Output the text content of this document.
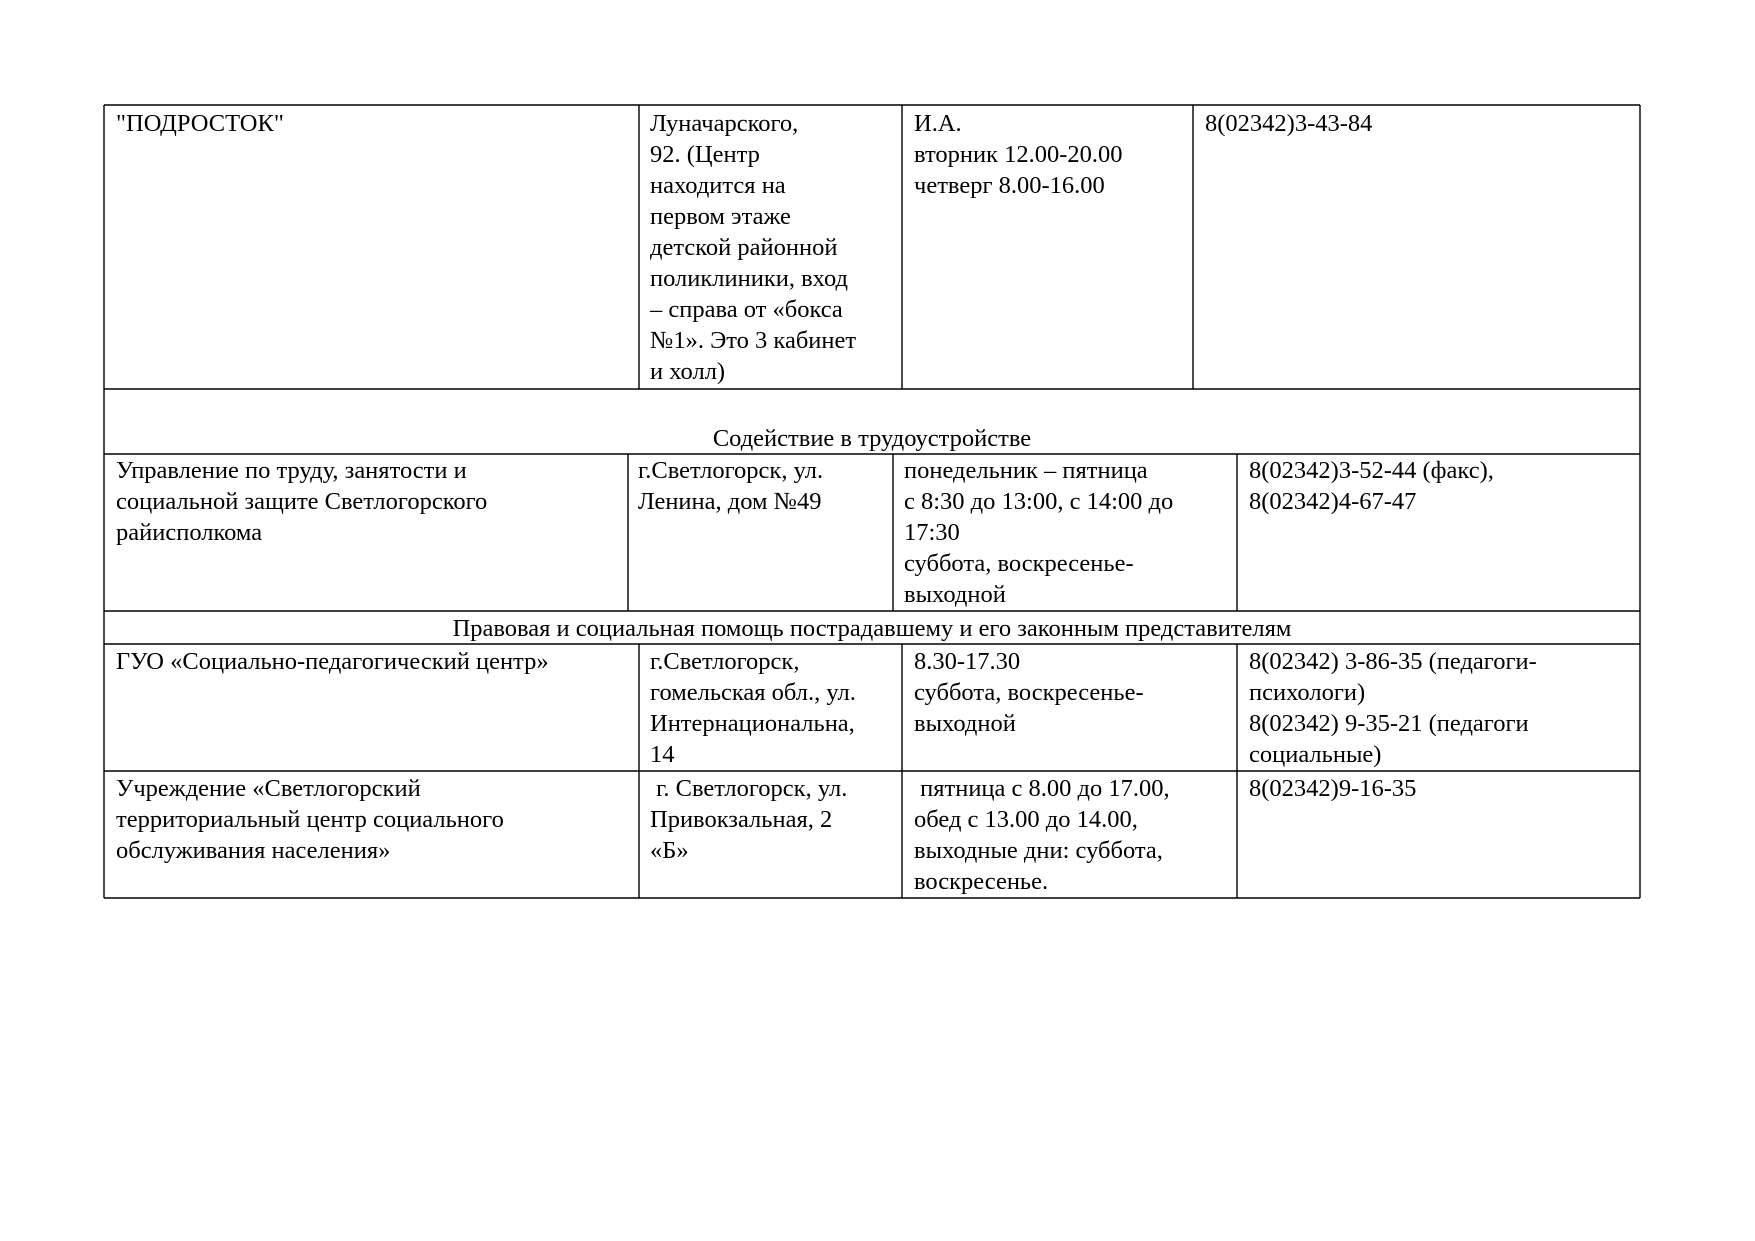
"ПОДРОСТОК"	Луначарского,
92. (Центр
находится на
первом этаже
детской районной
поликлиники, вход
– справа от «бокса
№1». Это 3 кабинет
и холл)
И.А.
вторник 12.00-20.00
четверг 8.00-16.00
8(02342)3-43-84
Содействие в трудоустройстве
Управление по труду, занятости и
социальной защите Светлогорского
райисполкома
г.Светлогорск, ул.
Ленина, дом №49
понедельник – пятница
с 8:30 до 13:00, с 14:00 до
17:30
суббота, воскресенье-
выходной
8(02342)3-52-44 (факс),
8(02342)4-67-47
Правовая и социальная помощь пострадавшему и его законным представителям
ГУО «Социально-педагогический центр»	г.Светлогорск,
гомельская обл., ул.
Интернациональна,
14
8.30-17.30
суббота, воскресенье-
выходной
8(02342) 3-86-35 (педагоги-
психологи)
8(02342) 9-35-21 (педагоги
социальные)
Учреждение «Светлогорский
территориальный центр социального
обслуживания населения»
г. Светлогорск, ул.
Привокзальная, 2
«Б»
пятница с 8.00 до 17.00,
обед с 13.00 до 14.00,
выходные дни: суббота,
воскресенье.
8(02342)9-16-35
